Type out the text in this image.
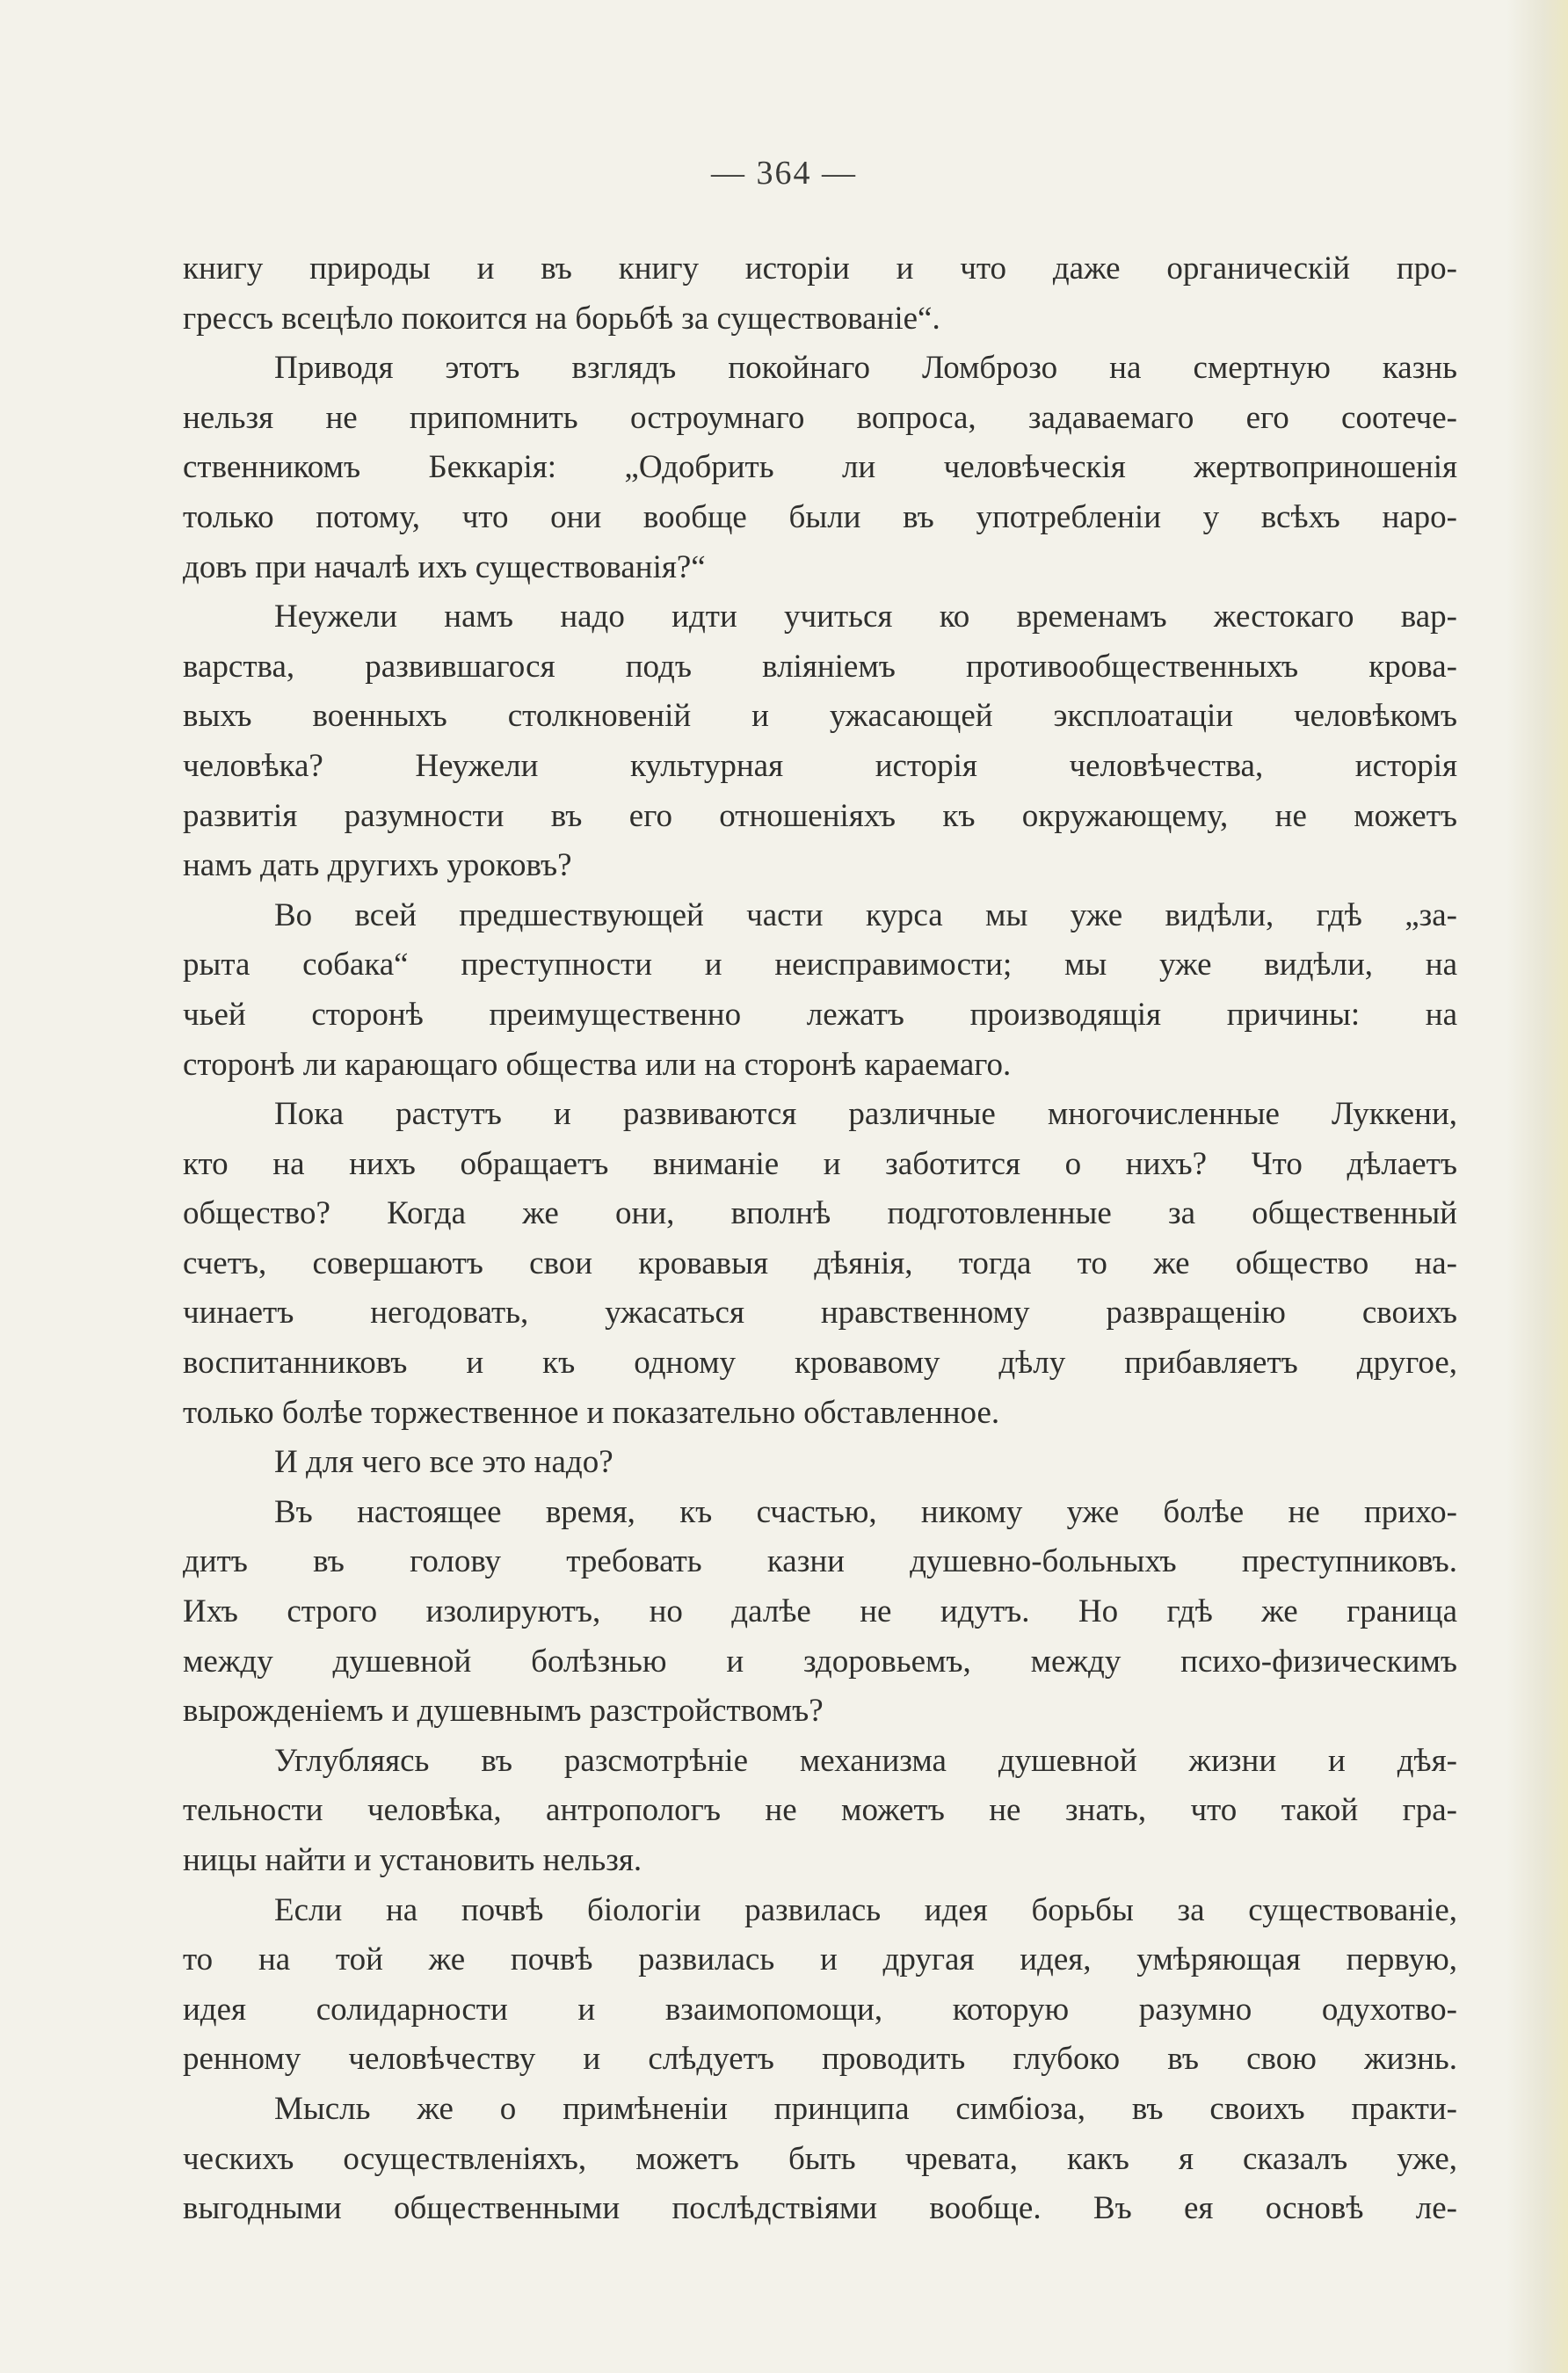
— 364 —
книгу природы и въ книгу исторіи и что даже органическій про-
грессъ всецѣло покоится на борьбѣ за существованіе“.
Приводя этотъ взглядъ покойнаго Ломброзо на смертную казнь
нельзя не припомнить остроумнаго вопроса, задаваемаго его соотече-
ственникомъ Беккарія: „Одобрить ли человѣческія жертвоприношенія
только потому, что они вообще были въ употребленіи у всѣхъ наро-
довъ при началѣ ихъ существованія?“
Неужели намъ надо идти учиться ко временамъ жестокаго вар-
варства, развившагося подъ вліяніемъ противообщественныхъ крова-
выхъ военныхъ столкновеній и ужасающей эксплоатаціи человѣкомъ
человѣка? Неужели культурная исторія человѣчества, исторія
развитія разумности въ его отношеніяхъ къ окружающему, не можетъ
намъ дать другихъ уроковъ?
Во всей предшествующей части курса мы уже видѣли, гдѣ „за-
рыта собака“ преступности и неисправимости; мы уже видѣли, на
чьей сторонѣ преимущественно лежатъ производящія причины: на
сторонѣ ли карающаго общества или на сторонѣ караемаго.
Пока растутъ и развиваются различные многочисленные Луккени,
кто на нихъ обращаетъ вниманіе и заботится о нихъ? Что дѣлаетъ
общество? Когда же они, вполнѣ подготовленные за общественный
счетъ, совершаютъ свои кровавыя дѣянія, тогда то же общество на-
чинаетъ негодовать, ужасаться нравственному развращенію своихъ
воспитанниковъ и къ одному кровавому дѣлу прибавляетъ другое,
только болѣе торжественное и показательно обставленное.
И для чего все это надо?
Въ настоящее время, къ счастью, никому уже болѣе не прихо-
дитъ въ голову требовать казни душевно-больныхъ преступниковъ.
Ихъ строго изолируютъ, но далѣе не идутъ. Но гдѣ же граница
между душевной болѣзнью и здоровьемъ, между психо-физическимъ
вырожденіемъ и душевнымъ разстройствомъ?
Углубляясь въ разсмотрѣніе механизма душевной жизни и дѣя-
тельности человѣка, антропологъ не можетъ не знать, что такой гра-
ницы найти и установить нельзя.
Если на почвѣ біологіи развилась идея борьбы за существованіе,
то на той же почвѣ развилась и другая идея, умѣряющая первую,
идея солидарности и взаимопомощи, которую разумно одухотво-
ренному человѣчеству и слѣдуетъ проводить глубоко въ свою жизнь.
Мысль же о примѣненіи принципа симбіоза, въ своихъ практи-
ческихъ осуществленіяхъ, можетъ быть чревата, какъ я сказалъ уже,
выгодными общественными послѣдствіями вообще. Въ ея основѣ ле-
